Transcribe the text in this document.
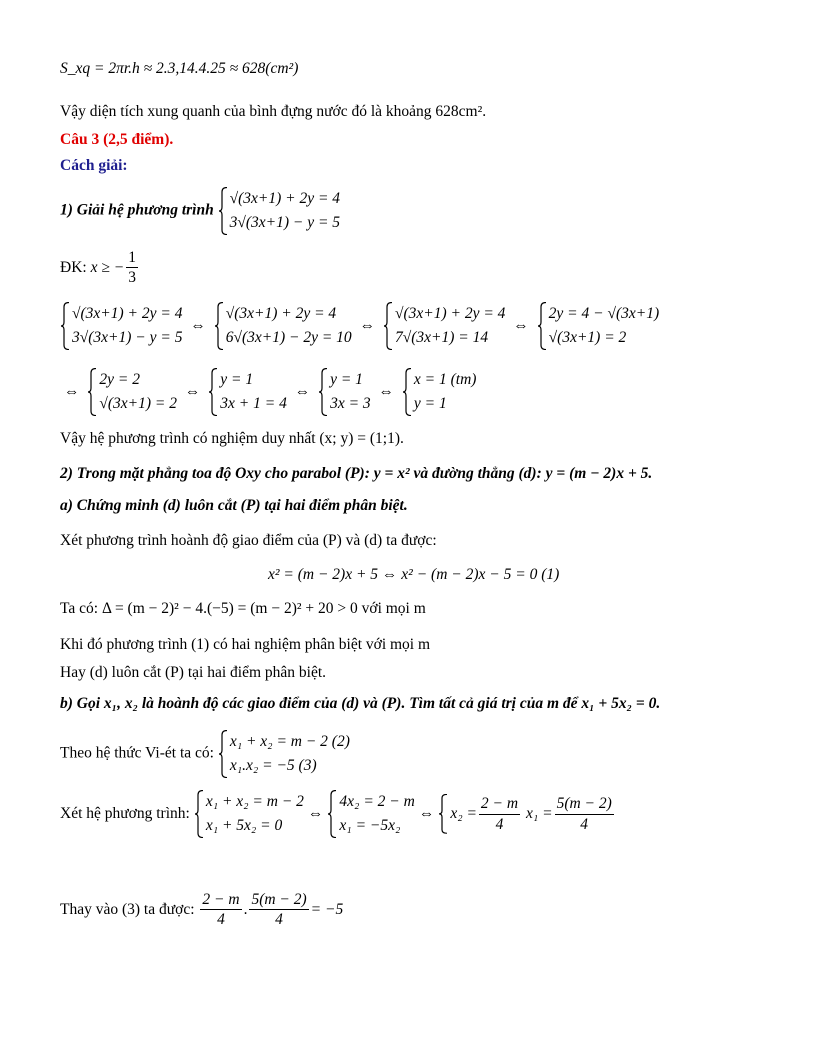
S_xq = 2πr.h ≈ 2.3,14.4.25 ≈ 628(cm²)
Vậy diện tích xung quanh của bình đựng nước đó là khoảng 628cm².
Câu 3 (2,5 điểm).
Cách giải:
1) Giải hệ phương trình
√(3x+1) + 2y = 4
3√(3x+1) − y = 5
ĐK:
x ≥ − $\frac{1}{3}$
√(3x+1) + 2y = 4
3√(3x+1) − y = 5
⇔
√(3x+1) + 2y = 4
6√(3x+1) − 2y = 10
⇔
√(3x+1) + 2y = 4
7√(3x+1) = 14
⇔
2y = 4 − √(3x+1)
√(3x+1) = 2
⇔
2y = 2
√(3x+1) = 2
⇔
y = 1
3x + 1 = 4
⇔
y = 1
3x = 3
⇔
x = 1 (tm)
y = 1
Vậy hệ phương trình có nghiệm duy nhất (x; y) = (1;1).
2) Trong mặt phẳng toa độ Oxy cho parabol (P): y = x² và đường thẳng (d): y = (m − 2)x + 5.
a) Chứng minh (d) luôn cắt (P) tại hai điểm phân biệt.
Xét phương trình hoành độ giao điểm của (P) và (d) ta được:
x² = (m − 2)x + 5 ⇔ x² − (m − 2)x − 5 = 0 (1)
Ta có: Δ = (m − 2)² − 4.(−5) = (m − 2)² + 20 > 0 với mọi m
Khi đó phương trình (1) có hai nghiệm phân biệt với mọi m
Hay (d) luôn cắt (P) tại hai điểm phân biệt.
b) Gọi x₁, x₂ là hoành độ các giao điểm của (d) và (P). Tìm tất cả giá trị của m để x₁ + 5x₂ = 0.
Theo hệ thức Vi-ét ta có:
x₁ + x₂ = m − 2 (2)
x₁.x₂ = −5 (3)
Xét hệ phương trình:
x₁ + x₂ = m − 2
x₁ + 5x₂ = 0
⇔
4x₂ = 2 − m
x₁ = −5x₂
⇔ $x_2 = \frac{2 - m}{4}$
$x_1 = \frac{5(m - 2)}{4}$
Thay vào (3) ta được:
$\frac{2 - m}{4}$ . $\frac{5(m - 2)}{4} = -5$
